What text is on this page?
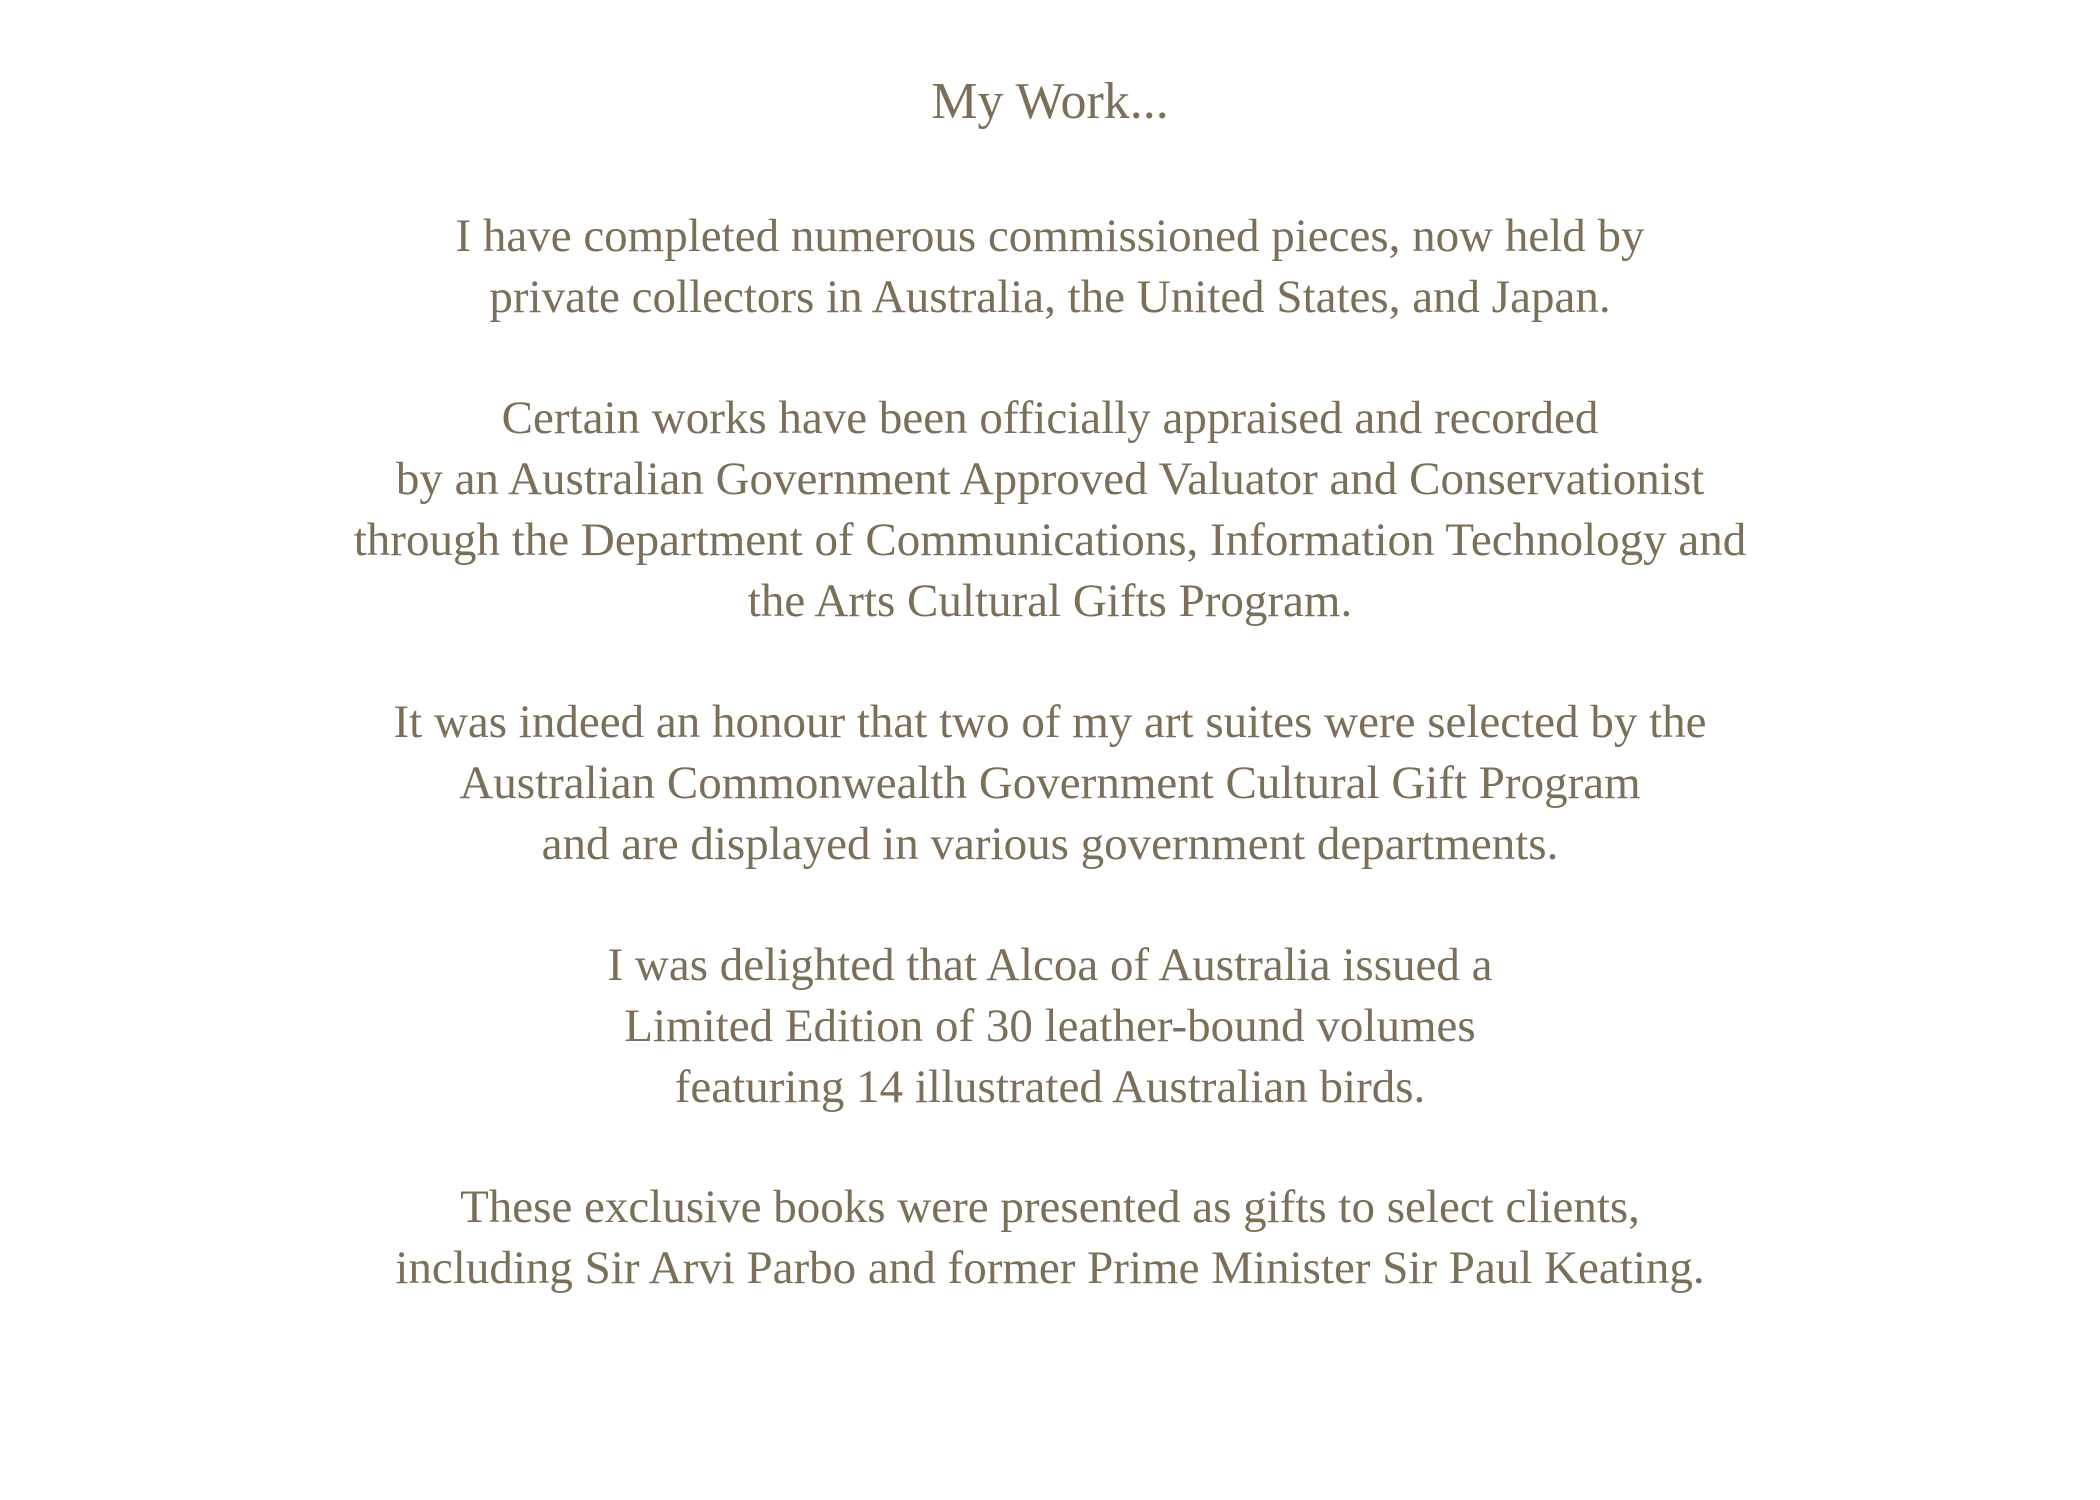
My Work...

I have completed numerous commissioned pieces, now held by
private collectors in Australia, the United States, and Japan.

Certain works have been officially appraised and recorded
by an Australian Government Approved Valuator and Conservationist
through the Department of Communications, Information Technology and
the Arts Cultural Gifts Program.

It was indeed an honour that two of my art suites were selected by the
Australian Commonwealth Government Cultural Gift Program
and are displayed in various government departments.

I was delighted that Alcoa of Australia issued a
Limited Edition of 30 leather-bound volumes
featuring 14 illustrated Australian birds.

These exclusive books were presented as gifts to select clients,
including Sir Arvi Parbo and former Prime Minister Sir Paul Keating.
